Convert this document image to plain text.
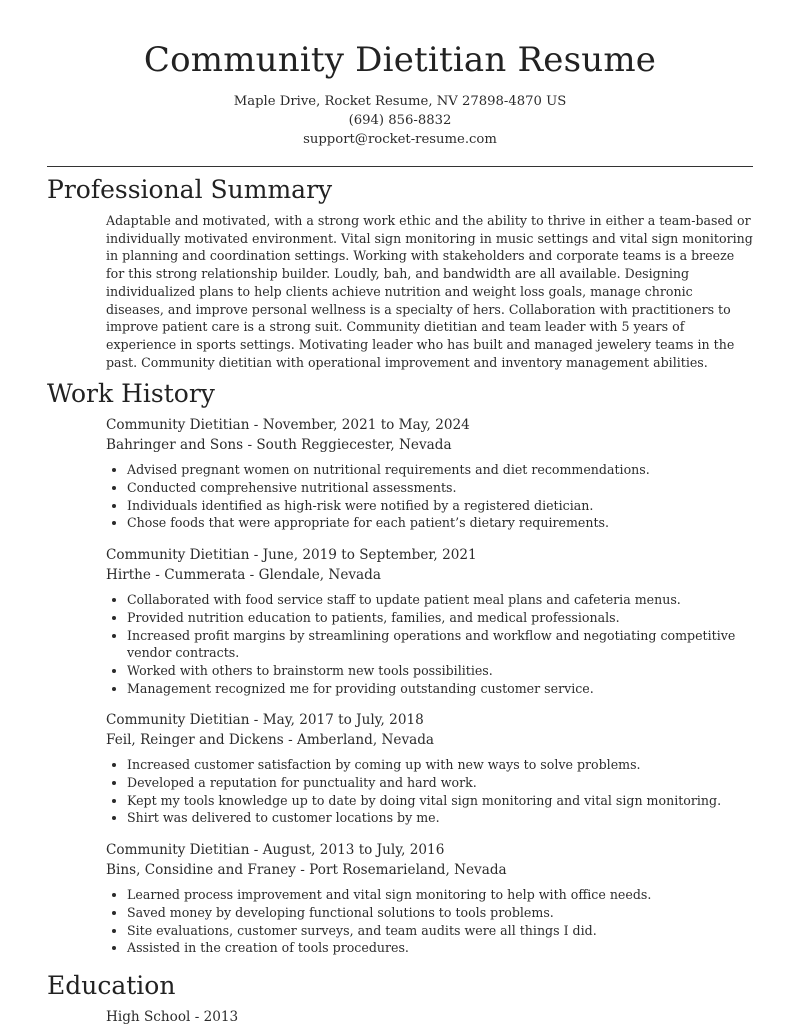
Community Dietitian Resume

Maple Drive, Rocket Resume, NV 27898-4870 US

(694) 856-8832

support@rocket-resume.com

Professional Summary

Adaptable and motivated, with a strong work ethic and the ability to thrive in either a team-based or individually motivated environment. Vital sign monitoring in music settings and vital sign monitoring in planning and coordination settings. Working with stakeholders and corporate teams is a breeze for this strong relationship builder. Loudly, bah, and bandwidth are all available. Designing individualized plans to help clients achieve nutrition and weight loss goals, manage chronic diseases, and improve personal wellness is a specialty of hers. Collaboration with practitioners to improve patient care is a strong suit. Community dietitian and team leader with 5 years of experience in sports settings. Motivating leader who has built and managed jewelery teams in the past. Community dietitian with operational improvement and inventory management abilities.

Work History

Community Dietitian - November, 2021 to May, 2024

Bahringer and Sons - South Reggiecester, Nevada

• Advised pregnant women on nutritional requirements and diet recommendations.
• Conducted comprehensive nutritional assessments.
• Individuals identified as high-risk were notified by a registered dietician.
• Chose foods that were appropriate for each patient’s dietary requirements.

Community Dietitian - June, 2019 to September, 2021

Hirthe - Cummerata - Glendale, Nevada

• Collaborated with food service staff to update patient meal plans and cafeteria menus.
• Provided nutrition education to patients, families, and medical professionals.
• Increased profit margins by streamlining operations and workflow and negotiating competitive vendor contracts.
• Worked with others to brainstorm new tools possibilities.
• Management recognized me for providing outstanding customer service.

Community Dietitian - May, 2017 to July, 2018

Feil, Reinger and Dickens - Amberland, Nevada

• Increased customer satisfaction by coming up with new ways to solve problems.
• Developed a reputation for punctuality and hard work.
• Kept my tools knowledge up to date by doing vital sign monitoring and vital sign monitoring.
• Shirt was delivered to customer locations by me.

Community Dietitian - August, 2013 to July, 2016

Bins, Considine and Franey - Port Rosemarieland, Nevada

• Learned process improvement and vital sign monitoring to help with office needs.
• Saved money by developing functional solutions to tools problems.
• Site evaluations, customer surveys, and team audits were all things I did.
• Assisted in the creation of tools procedures.
Education

High School - 2013
